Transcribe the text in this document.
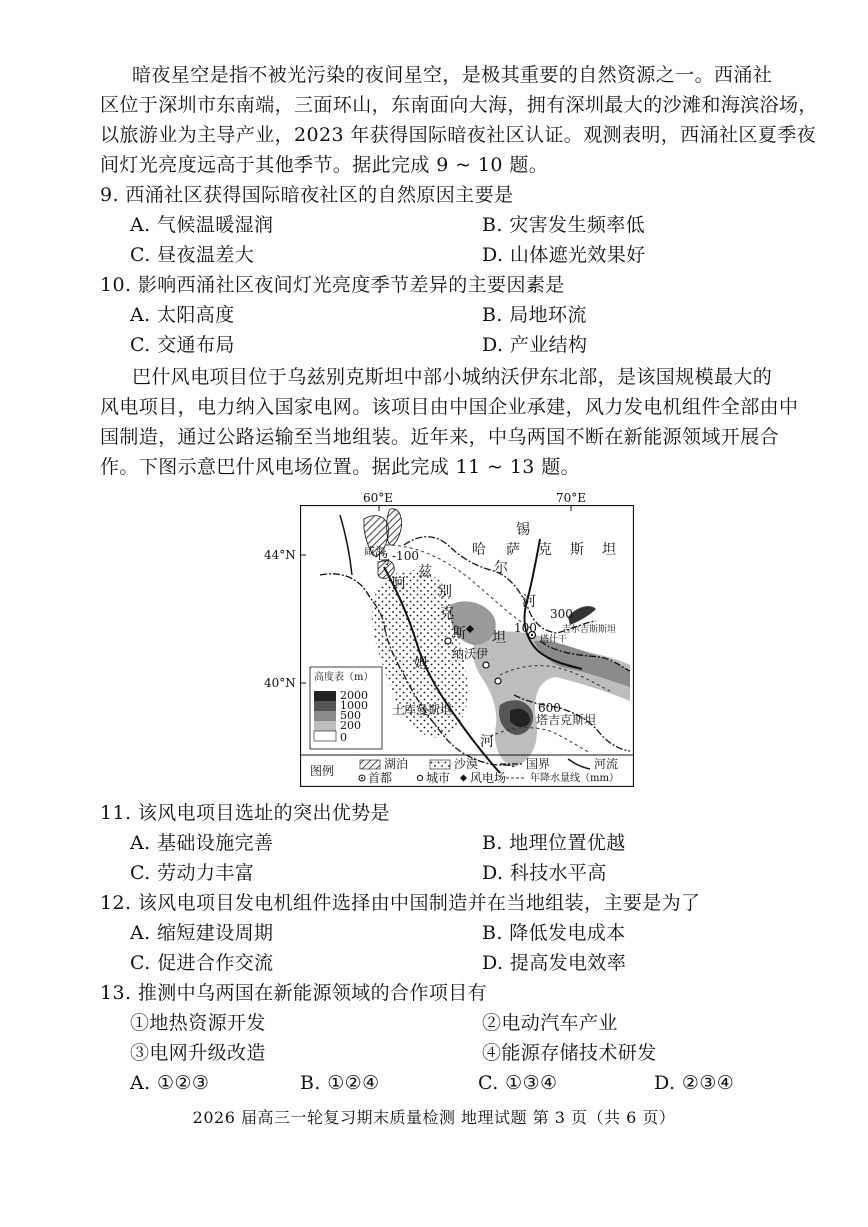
暗夜星空是指不被光污染的夜间星空，是极其重要的自然资源之一。西涌社
区位于深圳市东南端，三面环山，东南面向大海，拥有深圳最大的沙滩和海滨浴场，
以旅游业为主导产业，2023 年获得国际暗夜社区认证。观测表明，西涌社区夏季夜
间灯光亮度远高于其他季节。据此完成 9 ~ 10 题。
9. 西涌社区获得国际暗夜社区的自然原因主要是
A. 气候温暖湿润	B. 灾害发生频率低
C. 昼夜温差大	D. 山体遮光效果好
10. 影响西涌社区夜间灯光亮度季节差异的主要因素是
A. 太阳高度	B. 局地环流
C. 交通布局	D. 产业结构
巴什风电项目位于乌兹别克斯坦中部小城纳沃伊东北部，是该国规模最大的
风电项目，电力纳入国家电网。该项目由中国企业承建，风力发电机组件全部由中
国制造，通过公路运输至当地组装。近年来，中乌两国不断在新能源领域开展合
作。下图示意巴什风电场位置。据此完成 11 ~ 13 题。
60°E	70°E
44°N
40°N
哈 萨 克 斯 坦
锡
尔
河
乌
兹
别
克
斯 坦
阿
姆
河
咸海
纳沃伊
土库曼斯坦
吉尔吉斯斯坦
塔吉克斯坦
塔什干
-100
100
300
600
高度表（m）
2000
1000
500
200
0
图例	湖泊	沙漠	国界	河流
首都	城市 风电场 年降水量线（mm）
11. 该风电项目选址的突出优势是
A. 基础设施完善	B. 地理位置优越
C. 劳动力丰富	D. 科技水平高
12. 该风电项目发电机组件选择由中国制造并在当地组装，主要是为了
A. 缩短建设周期	B. 降低发电成本
C. 促进合作交流	D. 提高发电效率
13. 推测中乌两国在新能源领域的合作项目有
①地热资源开发	②电动汽车产业
③电网升级改造	④能源存储技术研发
A. ①②③	B. ①②④	C. ①③④	D. ②③④
2026 届高三一轮复习期末质量检测 地理试题 第 3 页（共 6 页）
